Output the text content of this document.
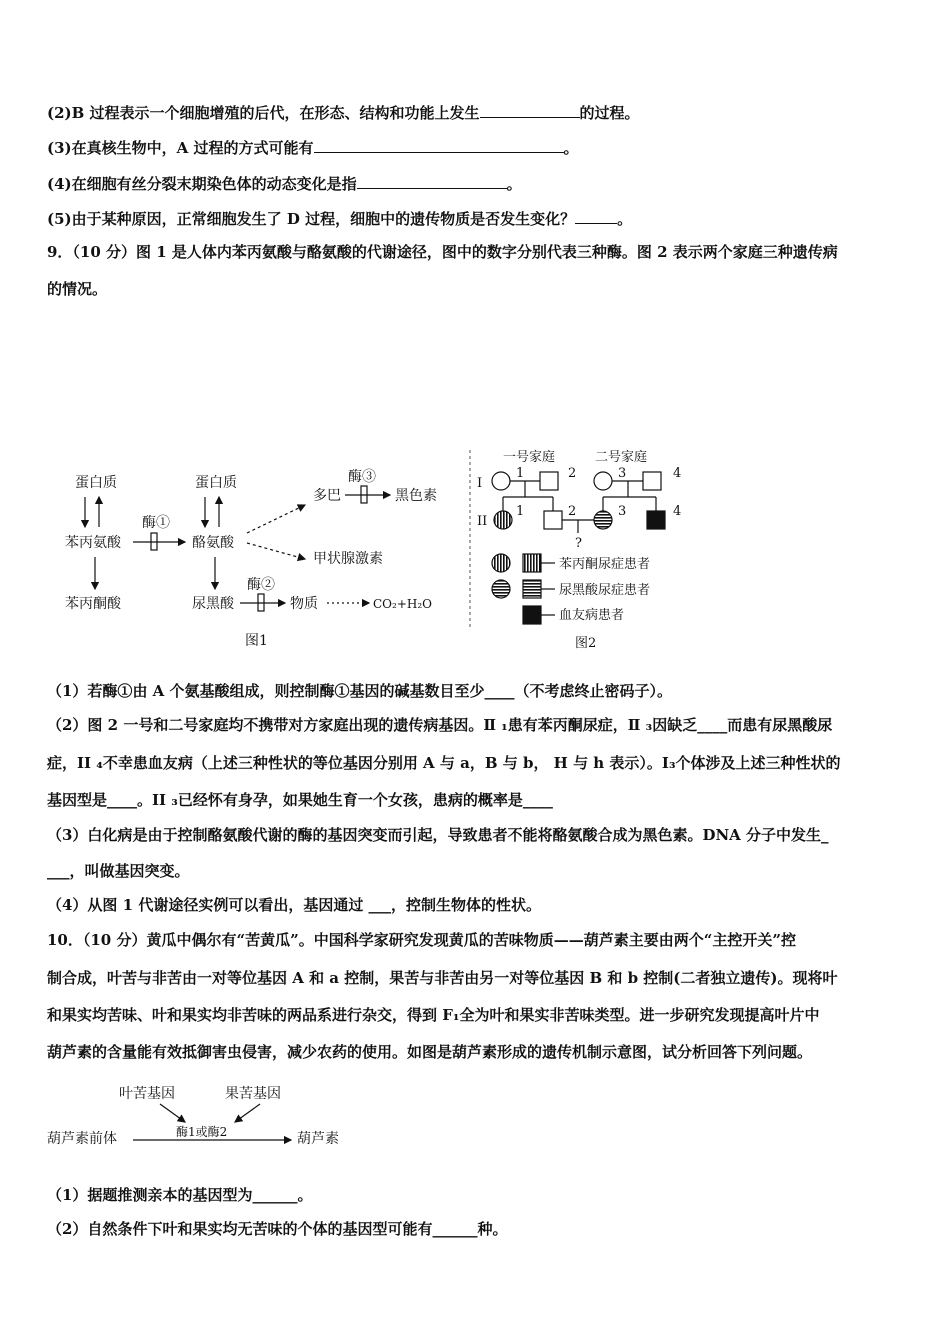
(2)B 过程表示一个细胞增殖的后代，在形态、结构和功能上发生	的过程。
(3)在真核生物中，A 过程的方式可能有	。
(4)在细胞有丝分裂末期染色体的动态变化是指	。
(5)由于某种原因，正常细胞发生了 D 过程，细胞中的遗传物质是否发生变化？	。
9．（10 分）图 1 是人体内苯丙氨酸与酪氨酸的代谢途径，图中的数字分别代表三种酶。图 2 表示两个家庭三种遗传病
的情况。
蛋白质	蛋白质
苯丙氨酸	酪氨酸
苯丙酮酸	尿黑酸
多巴	黑色素
甲状腺激素
物质	CO₂+H₂O
酶①
酶②
酶③
图1
一号家庭	二号家庭
I
II
1	2	3	4
1	2	3	4
?
苯丙酮尿症患者
尿黑酸尿症患者
血友病患者
图2
（1）若酶①由 A 个氨基酸组成，则控制酶①基因的碱基数目至少____（不考虑终止密码子）。
（2）图 2 一号和二号家庭均不携带对方家庭出现的遗传病基因。Ⅱ ₁患有苯丙酮尿症，Ⅱ ₃因缺乏____而患有尿黑酸尿
症，II ₄不幸患血友病（上述三种性状的等位基因分别用 A 与 a，B 与 b， H 与 h 表示）。I₃个体涉及上述三种性状的
基因型是____。II ₃已经怀有身孕，如果她生育一个女孩，患病的概率是____
（3）白化病是由于控制酪氨酸代谢的酶的基因突变而引起，导致患者不能将酪氨酸合成为黑色素。DNA 分子中发生_
___，叫做基因突变。
（4）从图 1 代谢途径实例可以看出，基因通过 ___，控制生物体的性状。
10．（10 分）黄瓜中偶尔有“苦黄瓜”。中国科学家研究发现黄瓜的苦味物质——葫芦素主要由两个“主控开关”控
制合成，叶苦与非苦由一对等位基因 A 和 a 控制，果苦与非苦由另一对等位基因 B 和 b 控制(二者独立遗传)。现将叶
和果实均苦味、叶和果实均非苦味的两品系进行杂交，得到 F₁全为叶和果实非苦味类型。进一步研究发现提高叶片中
葫芦素的含量能有效抵御害虫侵害，减少农药的使用。如图是葫芦素形成的遗传机制示意图，试分析回答下列问题。
叶苦基因	果苦基因
葫芦素前体	酶1或酶2	葫芦素
（1）据题推测亲本的基因型为______。
（2）自然条件下叶和果实均无苦味的个体的基因型可能有______种。
